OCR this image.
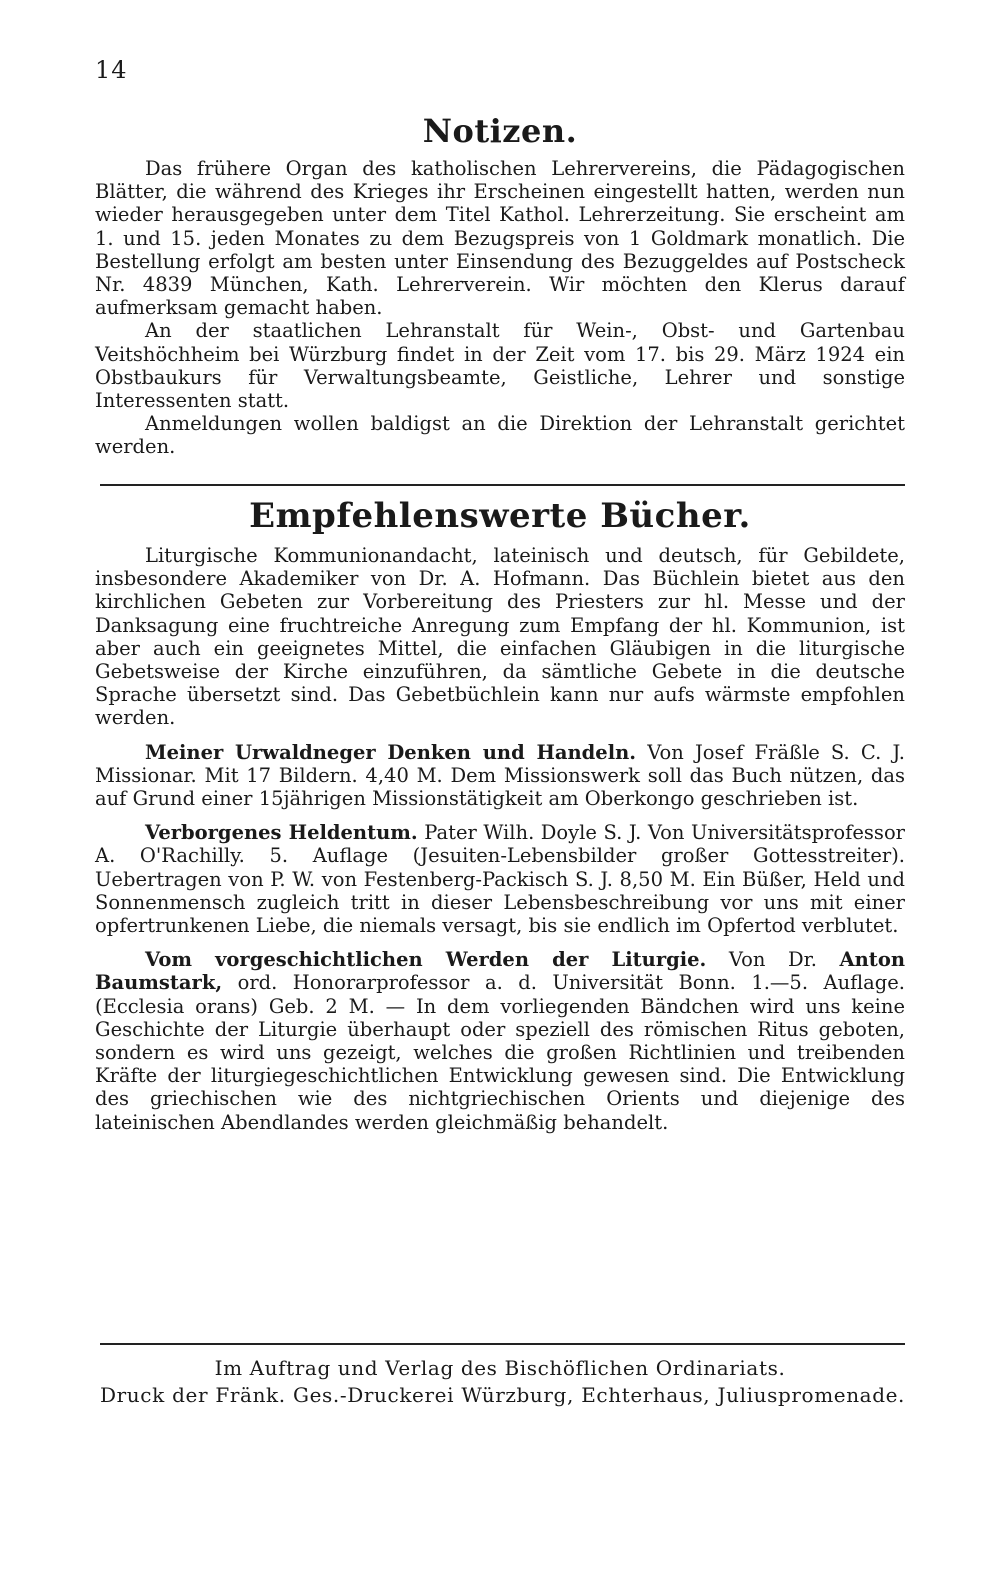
14
Notizen.

Das frühere Organ des katholischen Lehrervereins, die Pädagogischen Blätter, die während des Krieges ihr Erscheinen eingestellt hatten, werden nun wieder herausgegeben unter dem Titel Kathol. Lehrerzeitung. Sie erscheint am 1. und 15. jeden Monates zu dem Bezugspreis von 1 Goldmark monatlich. Die Bestellung erfolgt am besten unter Einsendung des Bezuggeldes auf Postscheck Nr. 4839 München, Kath. Lehrerverein. Wir möchten den Klerus darauf aufmerksam gemacht haben.

An der staatlichen Lehranstalt für Wein-, Obst- und Gartenbau Veitshöchheim bei Würzburg findet in der Zeit vom 17. bis 29. März 1924 ein Obstbaukurs für Verwaltungsbeamte, Geistliche, Lehrer und sonstige Interessenten statt.

Anmeldungen wollen baldigst an die Direktion der Lehranstalt gerichtet werden.

Empfehlenswerte Bücher.

Liturgische Kommunionandacht, lateinisch und deutsch, für Gebildete, insbesondere Akademiker von Dr. A. Hofmann. Das Büchlein bietet aus den kirchlichen Gebeten zur Vorbereitung des Priesters zur hl. Messe und der Danksagung eine fruchtreiche Anregung zum Empfang der hl. Kommunion, ist aber auch ein geeignetes Mittel, die einfachen Gläubigen in die liturgische Gebetsweise der Kirche einzuführen, da sämtliche Gebete in die deutsche Sprache übersetzt sind. Das Gebetbüchlein kann nur aufs wärmste empfohlen werden.

Meiner Urwaldneger Denken und Handeln. Von Josef Fräßle S. C. J. Missionar. Mit 17 Bildern. 4,40 M. Dem Missionswerk soll das Buch nützen, das auf Grund einer 15jährigen Missionstätigkeit am Oberkongo geschrieben ist.

Verborgenes Heldentum. Pater Wilh. Doyle S. J. Von Universitätsprofessor A. O'Rachilly. 5. Auflage (Jesuiten-Lebensbilder großer Gottesstreiter). Uebertragen von P. W. von Festenberg-Packisch S. J. 8,50 M. Ein Büßer, Held und Sonnenmensch zugleich tritt in dieser Lebensbeschreibung vor uns mit einer opfertrunkenen Liebe, die niemals versagt, bis sie endlich im Opfertod verblutet.

Vom vorgeschichtlichen Werden der Liturgie. Von Dr. Anton Baumstark, ord. Honorarprofessor a. d. Universität Bonn. 1.—5. Auflage. (Ecclesia orans) Geb. 2 M. — In dem vorliegenden Bändchen wird uns keine Geschichte der Liturgie überhaupt oder speziell des römischen Ritus geboten, sondern es wird uns gezeigt, welches die großen Richtlinien und treibenden Kräfte der liturgiegeschichtlichen Entwicklung gewesen sind. Die Entwicklung des griechischen wie des nichtgriechischen Orients und diejenige des lateinischen Abendlandes werden gleichmäßig behandelt.

Im Auftrag und Verlag des Bischöflichen Ordinariats.
Druck der Fränk. Ges.-Druckerei Würzburg, Echterhaus, Juliuspromenade.
